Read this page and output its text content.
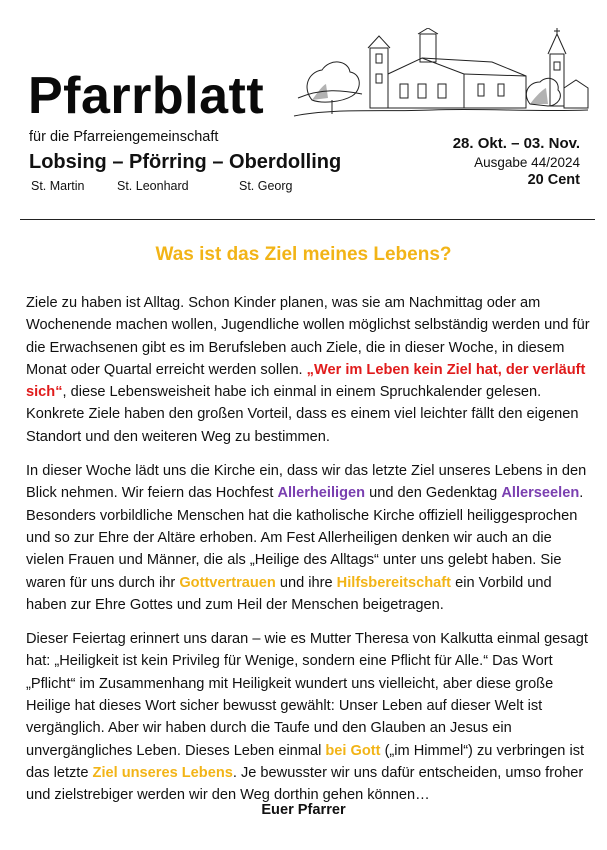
Pfarrblatt
für die Pfarreiengemeinschaft
Lobsing – Pförring – Oberdolling
St. Martin	St. Leonhard	St. Georg
28. Okt. – 03. Nov.
Ausgabe 44/2024
20 Cent
Was ist das Ziel meines Lebens?

Ziele zu haben ist Alltag. Schon Kinder planen, was sie am Nachmittag oder am Wochenende machen wollen, Jugendliche wollen möglichst selbständig werden und für die Erwachsenen gibt es im Berufsleben auch Ziele, die in dieser Woche, in diesem Monat oder Quartal erreicht werden sollen. „Wer im Leben kein Ziel hat, der verläuft sich“, diese Lebensweisheit habe ich einmal in einem Spruchkalender gelesen. Konkrete Ziele haben den großen Vorteil, dass es einem viel leichter fällt den eigenen Standort und den weiteren Weg zu bestimmen.

In dieser Woche lädt uns die Kirche ein, dass wir das letzte Ziel unseres Lebens in den Blick nehmen. Wir feiern das Hochfest Allerheiligen und den Gedenktag Allerseelen. Besonders vorbildliche Menschen hat die katholische Kirche offiziell heiliggesprochen und so zur Ehre der Altäre erhoben. Am Fest Allerheiligen denken wir auch an die vielen Frauen und Männer, die als „Heilige des Alltags“ unter uns gelebt haben. Sie waren für uns durch ihr Gottvertrauen und ihre Hilfsbereitschaft ein Vorbild und haben zur Ehre Gottes und zum Heil der Menschen beigetragen.

Dieser Feiertag erinnert uns daran – wie es Mutter Theresa von Kalkutta einmal gesagt hat: „Heiligkeit ist kein Privileg für Wenige, sondern eine Pflicht für Alle.“ Das Wort „Pflicht“ im Zusammenhang mit Heiligkeit wundert uns vielleicht, aber diese große Heilige hat dieses Wort sicher bewusst gewählt: Unser Leben auf dieser Welt ist vergänglich. Aber wir haben durch die Taufe und den Glauben an Jesus ein unvergängliches Leben. Dieses Leben einmal bei Gott („im Himmel“) zu verbringen ist das letzte Ziel unseres Lebens. Je bewusster wir uns dafür entscheiden, umso froher und zielstrebiger werden wir den Weg dorthin gehen können…

Euer Pfarrer
